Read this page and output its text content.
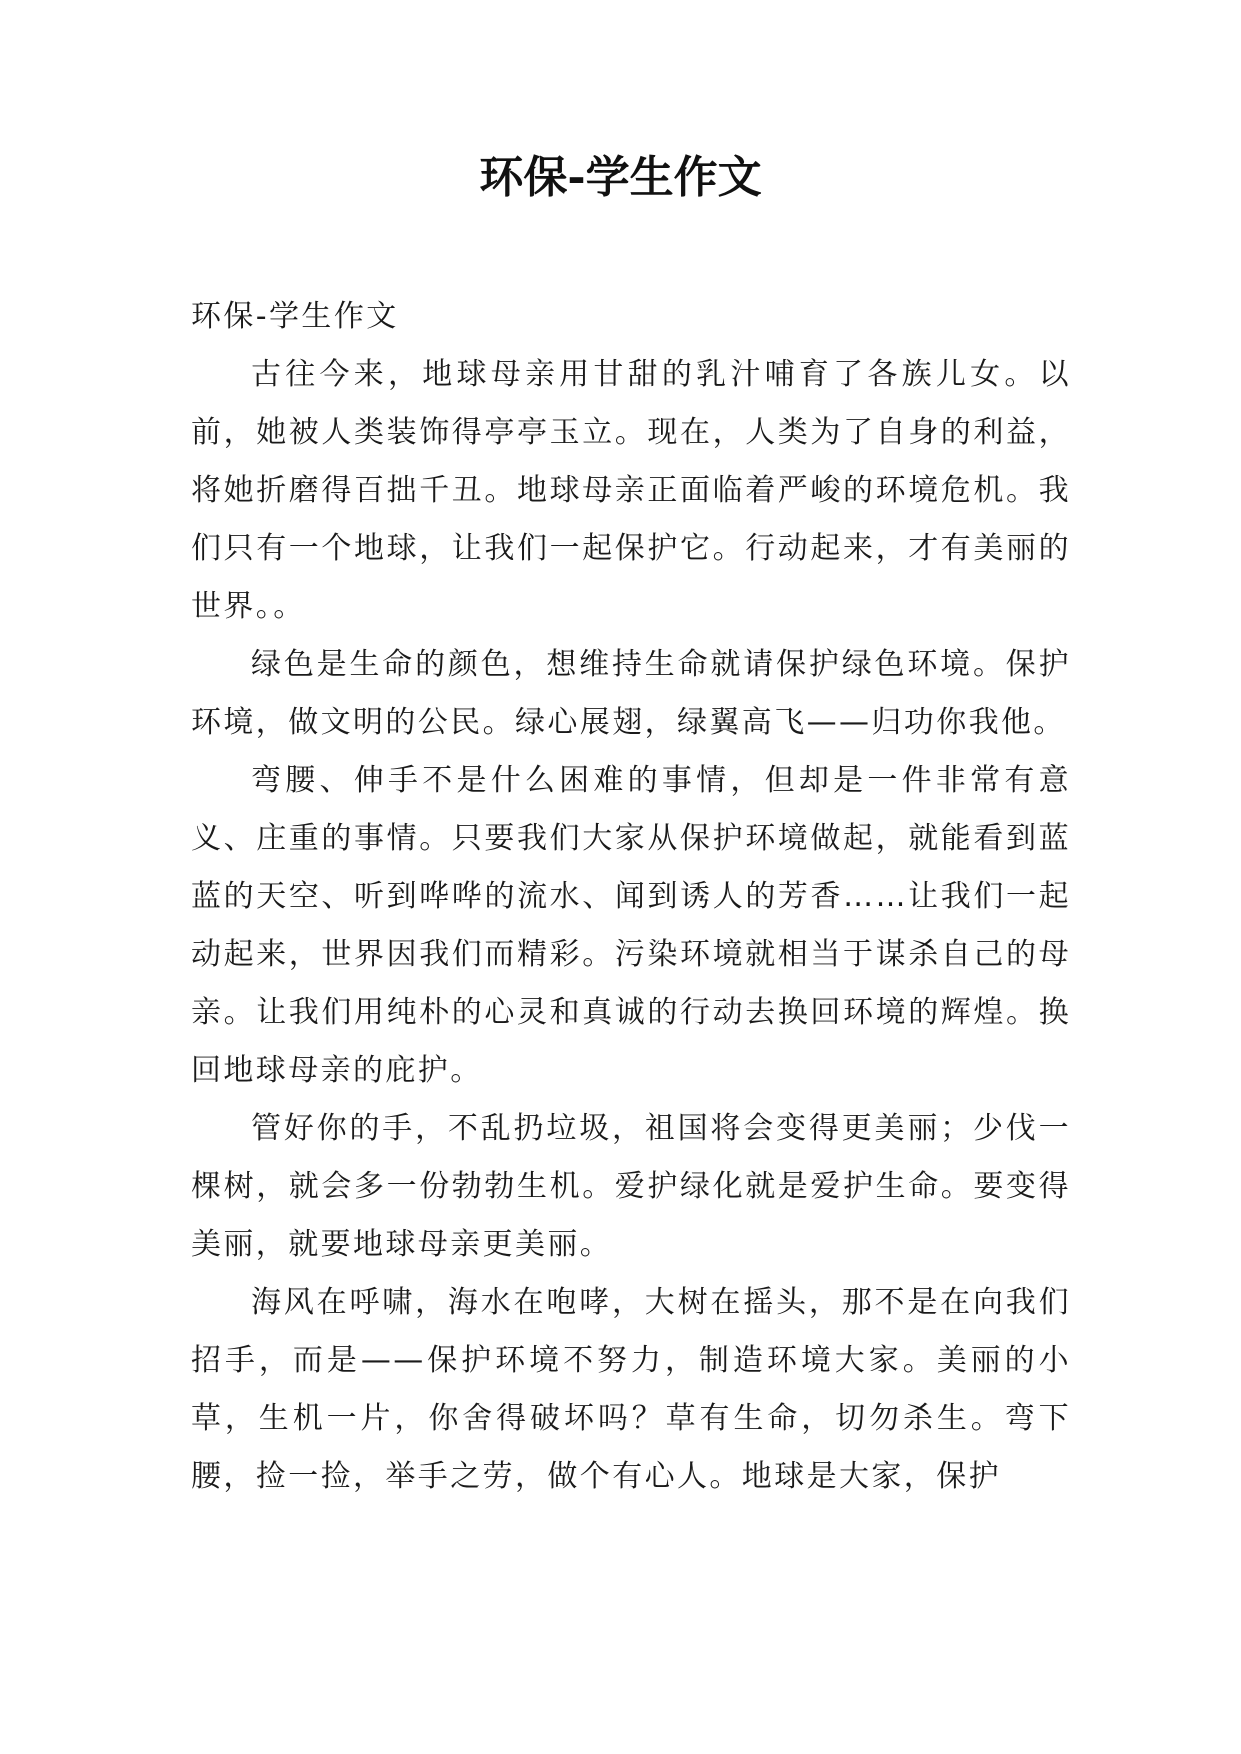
环保-学生作文

环保-学生作文

古往今来，地球母亲用甘甜的乳汁哺育了各族儿女。以前，她被人类装饰得亭亭玉立。现在，人类为了自身的利益，将她折磨得百拙千丑。地球母亲正面临着严峻的环境危机。我们只有一个地球，让我们一起保护它。行动起来，才有美丽的世界。。

绿色是生命的颜色，想维持生命就请保护绿色环境。保护环境，做文明的公民。绿心展翅，绿翼高飞——归功你我他。

弯腰、伸手不是什么困难的事情，但却是一件非常有意义、庄重的事情。只要我们大家从保护环境做起，就能看到蓝蓝的天空、听到哗哗的流水、闻到诱人的芳香……让我们一起动起来，世界因我们而精彩。污染环境就相当于谋杀自己的母亲。让我们用纯朴的心灵和真诚的行动去换回环境的辉煌。换回地球母亲的庇护。

管好你的手，不乱扔垃圾，祖国将会变得更美丽；少伐一棵树，就会多一份勃勃生机。爱护绿化就是爱护生命。要变得美丽，就要地球母亲更美丽。

海风在呼啸，海水在咆哮，大树在摇头，那不是在向我们招手，而是——保护环境不努力，制造环境大家。美丽的小草，生机一片，你舍得破坏吗？草有生命，切勿杀生。弯下腰，捡一捡，举手之劳，做个有心人。地球是大家，保护
